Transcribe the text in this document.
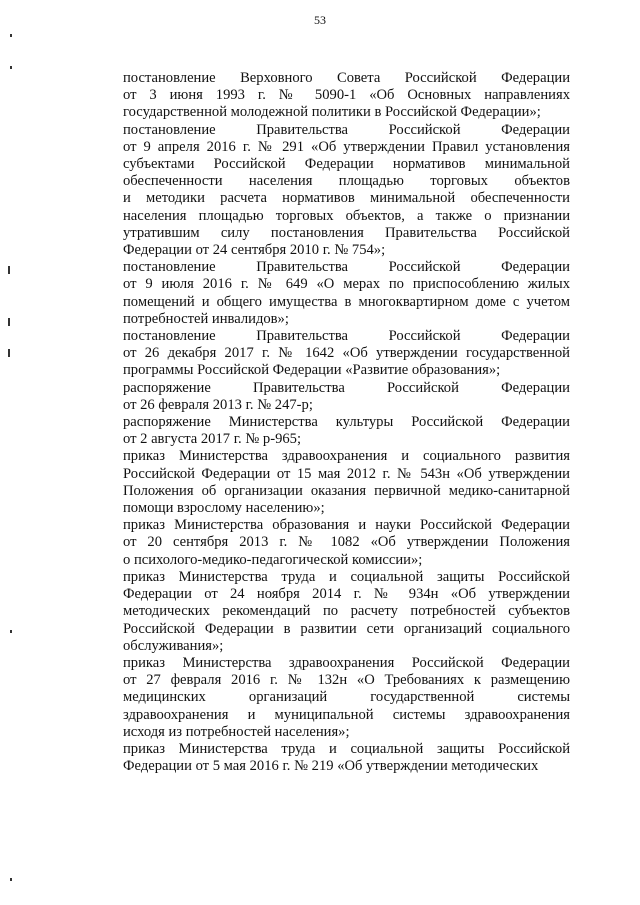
53
постановление Верховного Совета Российской Федерации
от 3 июня 1993 г. № 5090-1 «Об Основных направлениях
государственной молодежной политики в Российской Федерации»;
постановление Правительства Российской Федерации
от 9 апреля 2016 г. № 291 «Об утверждении Правил установления
субъектами Российской Федерации нормативов минимальной
обеспеченности населения площадью торговых объектов
и методики расчета нормативов минимальной обеспеченности
населения площадью торговых объектов, а также о признании
утратившим силу постановления Правительства Российской
Федерации от 24 сентября 2010 г. № 754»;
постановление Правительства Российской Федерации
от 9 июля 2016 г. № 649 «О мерах по приспособлению жилых
помещений и общего имущества в многоквартирном доме с учетом
потребностей инвалидов»;
постановление Правительства Российской Федерации
от 26 декабря 2017 г. № 1642 «Об утверждении государственной
программы Российской Федерации «Развитие образования»;
распоряжение Правительства Российской Федерации
от 26 февраля 2013 г. № 247-р;
распоряжение Министерства культуры Российской Федерации
от 2 августа 2017 г. № р-965;
приказ Министерства здравоохранения и социального развития
Российской Федерации от 15 мая 2012 г. № 543н «Об утверждении
Положения об организации оказания первичной медико-санитарной
помощи взрослому населению»;
приказ Министерства образования и науки Российской Федерации
от 20 сентября 2013 г. № 1082 «Об утверждении Положения
о психолого-медико-педагогической комиссии»;
приказ Министерства труда и социальной защиты Российской
Федерации от 24 ноября 2014 г. № 934н «Об утверждении
методических рекомендаций по расчету потребностей субъектов
Российской Федерации в развитии сети организаций социального
обслуживания»;
приказ Министерства здравоохранения Российской Федерации
от 27 февраля 2016 г. № 132н «О Требованиях к размещению
медицинских организаций государственной системы
здравоохранения и муниципальной системы здравоохранения
исходя из потребностей населения»;
приказ Министерства труда и социальной защиты Российской
Федерации от 5 мая 2016 г. № 219 «Об утверждении методических
